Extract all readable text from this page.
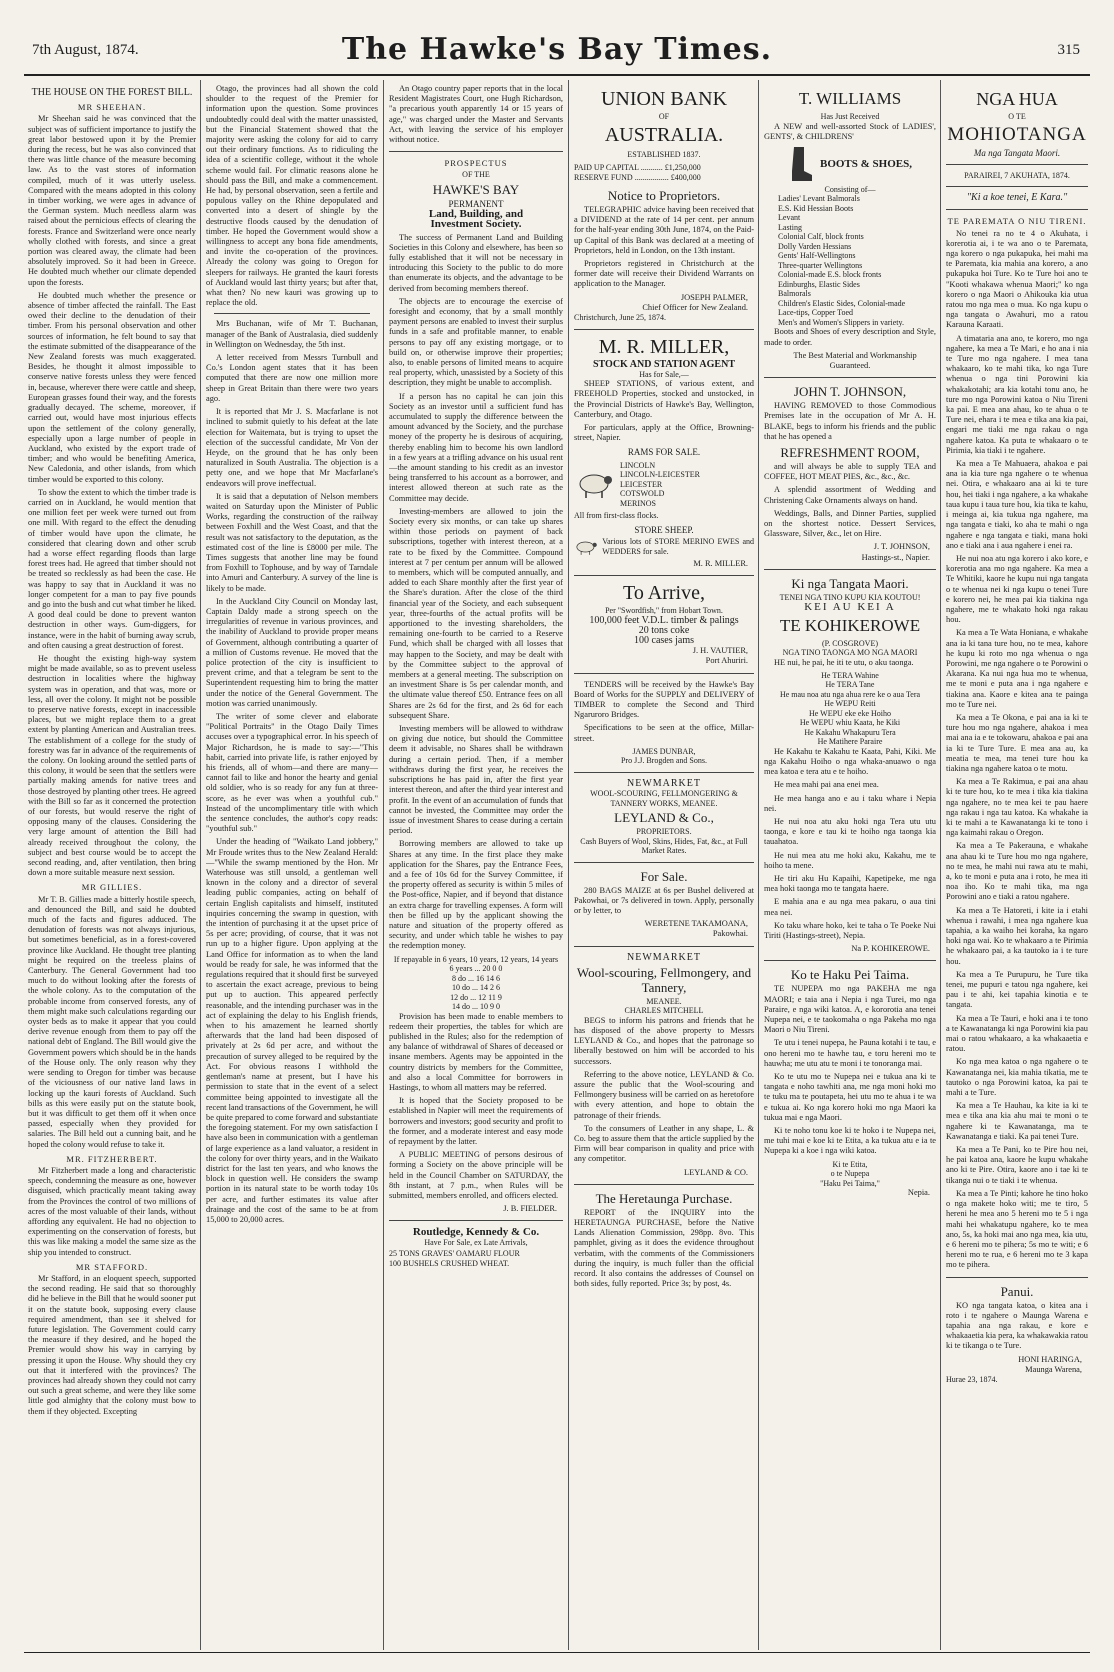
7th August, 1874.	The Hawke's Bay Times.	315
THE HOUSE ON THE FOREST BILL.
MR SHEEHAN.

Mr Sheehan said he was convinced that the subject was of sufficient importance to justify the great labor bestowed upon it by the Premier during the recess, but he was also convinced that there was little chance of the measure becoming law. As to the vast stores of information compiled, much of it was utterly useless. Compared with the means adopted in this colony in timber working, we were ages in advance of the German system. Much needless alarm was raised about the pernicious effects of clearing the forests. France and Switzerland were once nearly wholly clothed with forests, and since a great portion was cleared away, the climate had been absolutely improved. So it had been in Greece. He doubted much whether our climate depended upon the forests.

He doubted much whether the presence or absence of timber affected the rainfall. The East owed their decline to the denudation of their timber. From his personal observation and other sources of information, he felt bound to say that the estimate submitted of the disappearance of the New Zealand forests was much exaggerated. Besides, he thought it almost impossible to conserve native forests unless they were fenced in, because, wherever there were cattle and sheep, European grasses found their way, and the forests gradually decayed. The scheme, moreover, if carried out, would have most injurious effects upon the settlement of the colony generally, especially upon a large number of people in Auckland, who existed by the export trade of timber; and who would be benefiting America, New Caledonia, and other islands, from which timber would be exported to this colony.

To show the extent to which the timber trade is carried on in Auckland, he would mention that one million feet per week were turned out from one mill. With regard to the effect the denuding of timber would have upon the climate, he considered that clearing down and other scrub had a worse effect regarding floods than large forest trees had. He agreed that timber should not be treated so recklessly as had been the case. He was happy to say that in Auckland it was no longer competent for a man to pay five pounds and go into the bush and cut what timber he liked. A good deal could be done to prevent wanton destruction in other ways. Gum-diggers, for instance, were in the habit of burning away scrub, and often causing a great destruction of forest.

He thought the existing high-way system might be made available, so as to prevent useless destruction in localities where the highway system was in operation, and that was, more or less, all over the colony. It might not be possible to preserve native forests, except in inaccessible places, but we might replace them to a great extent by planting American and Australian trees. The establishment of a college for the study of forestry was far in advance of the requirements of the colony. On looking around the settled parts of this colony, it would be seen that the settlers were partially making amends for native trees and those destroyed by planting other trees. He agreed with the Bill so far as it concerned the protection of our forests, but would reserve the right of opposing many of the clauses. Considering the very large amount of attention the Bill had already received throughout the colony, the subject and best course would be to accept the second reading, and, after ventilation, then bring down a more suitable measure next session.

MR GILLIES.

Mr T. B. Gillies made a bitterly hostile speech, and denounced the Bill, and said he doubted much of the facts and figures adduced. The denudation of forests was not always injurious, but sometimes beneficial, as in a forest-covered province like Auckland. He thought tree planting might be required on the treeless plains of Canterbury. The General Government had too much to do without looking after the forests of the whole colony. As to the computation of the probable income from conserved forests, any of them might make such calculations regarding our oyster beds as to make it appear that you could derive revenue enough from them to pay off the national debt of England. The Bill would give the Government powers which should be in the hands of the House only. The only reason why they were sending to Oregon for timber was because of the viciousness of our native land laws in locking up the kauri forests of Auckland. Such bills as this were easily put on the statute book, but it was difficult to get them off it when once passed, especially when they provided for salaries. The Bill held out a cunning bait, and he hoped the colony would refuse to take it.

MR. FITZHERBERT.

Mr Fitzherbert made a long and characteristic speech, condemning the measure as one, however disguised, which practically meant taking away from the Provinces the control of two millions of acres of the most valuable of their lands, without affording any equivalent. He had no objection to experimenting on the conservation of forests, but this was like making a model the same size as the ship you intended to construct.

MR STAFFORD.

Mr Stafford, in an eloquent speech, supported the second reading. He said that so thoroughly did he believe in the Bill that he would sooner put it on the statute book, supposing every clause required amendment, than see it shelved for future legislation. The Government could carry the measure if they desired, and he hoped the Premier would show his way in carrying by pressing it upon the House. Why should they cry out that it interfered with the provinces? The provinces had already shown they could not carry out such a great scheme, and were they like some little god almighty that the colony must bow to them if they objected. Excepting

Otago, the provinces had all shown the cold shoulder to the request of the Premier for information upon the question. Some provinces undoubtedly could deal with the matter unassisted, but the Financial Statement showed that the majority were asking the colony for aid to carry out their ordinary functions. As to ridiculing the idea of a scientific college, without it the whole scheme would fail. For climatic reasons alone he should pass the Bill, and make a commencement. He had, by personal observation, seen a fertile and populous valley on the Rhine depopulated and converted into a desert of shingle by the destructive floods caused by the denudation of timber. He hoped the Government would show a willingness to accept any bona fide amendments, and invite the co-operation of the provinces. Already the colony was going to Oregon for sleepers for railways. He granted the kauri forests of Auckland would last thirty years; but after that, what then? No new kauri was growing up to replace the old.

Mrs Buchanan, wife of Mr T. Buchanan, manager of the Bank of Australasia, died suddenly in Wellington on Wednesday, the 5th inst.

A letter received from Messrs Turnbull and Co.'s London agent states that it has been computed that there are now one million more sheep in Great Britain than there were two years ago.

It is reported that Mr J. S. Macfarlane is not inclined to submit quietly to his defeat at the late election for Waitemata, but is trying to upset the election of the successful candidate, Mr Von der Heyde, on the ground that he has only been naturalized in South Australia. The objection is a petty one, and we hope that Mr Macfarlane's endeavors will prove ineffectual.

It is said that a deputation of Nelson members waited on Saturday upon the Minister of Public Works, regarding the construction of the railway between Foxhill and the West Coast, and that the result was not satisfactory to the deputation, as the estimated cost of the line is £8000 per mile. The Times suggests that another line may be found from Foxhill to Tophouse, and by way of Tarndale into Amuri and Canterbury. A survey of the line is likely to be made.

In the Auckland City Council on Monday last, Captain Daldy made a strong speech on the irregularities of revenue in various provinces, and the inability of Auckland to provide proper means of Government, although contributing a quarter of a million of Customs revenue. He moved that the police protection of the city is insufficient to prevent crime, and that a telegram be sent to the Superintendent requesting him to bring the matter under the notice of the General Government. The motion was carried unanimously.

The writer of some clever and elaborate "Political Portraits" in the Otago Daily Times accuses over a typographical error. In his speech of Major Richardson, he is made to say:—"This habit, carried into private life, is rather enjoyed by his friends, all of whom—and there are many—cannot fail to like and honor the hearty and genial old soldier, who is so ready for any fun at three-score, as he ever was when a youthful cub." Instead of the uncomplimentary title with which the sentence concludes, the author's copy reads: "youthful sub."

Under the heading of "Waikato Land jobbery," Mr Froude writes thus to the New Zealand Herald:—"While the swamp mentioned by the Hon. Mr Waterhouse was still unsold, a gentleman well known in the colony and a director of several leading public companies, acting on behalf of certain English capitalists and himself, instituted inquiries concerning the swamp in question, with the intention of purchasing it at the upset price of 5s per acre; providing, of course, that it was not run up to a higher figure. Upon applying at the Land Office for information as to when the land would be ready for sale, he was informed that the regulations required that it should first be surveyed to ascertain the exact acreage, previous to being put up to auction. This appeared perfectly reasonable, and the intending purchaser was in the act of explaining the delay to his English friends, when to his amazement he learned shortly afterwards that the land had been disposed of privately at 2s 6d per acre, and without the precaution of survey alleged to be required by the Act. For obvious reasons I withhold the gentleman's name at present, but I have his permission to state that in the event of a select committee being appointed to investigate all the recent land transactions of the Government, he will be quite prepared to come forward and substantiate the foregoing statement. For my own satisfaction I have also been in communication with a gentleman of large experience as a land valuator, a resident in the colony for over thirty years, and in the Waikato district for the last ten years, and who knows the block in question well. He considers the swamp portion in its natural state to be worth today 10s per acre, and further estimates its value after drainage and the cost of the same to be at from 15,000 to 20,000 acres.

An Otago country paper reports that in the local Resident Magistrates Court, one Hugh Richardson, "a precarious youth apparently 14 or 15 years of age," was charged under the Master and Servants Act, with leaving the service of his employer without notice.

PROSPECTUS
OF THE
HAWKE'S BAY
PERMANENT
Land, Building, and
Investment Society.

The success of Permanent Land and Building Societies in this Colony and elsewhere, has been so fully established that it will not be necessary in introducing this Society to the public to do more than enumerate its objects, and the advantage to be derived from becoming members thereof.

The objects are to encourage the exercise of foresight and economy, that by a small monthly payment persons are enabled to invest their surplus funds in a safe and profitable manner, to enable persons to pay off any existing mortgage, or to build on, or otherwise improve their properties; also, to enable persons of limited means to acquire real property, which, unassisted by a Society of this description, they might be unable to accomplish.

If a person has no capital he can join this Society as an investor until a sufficient fund has accumulated to supply the difference between the amount advanced by the Society, and the purchase money of the property he is desirous of acquiring, thereby enabling him to become his own landlord in a few years at a trifling advance on his usual rent—the amount standing to his credit as an investor being transferred to his account as a borrower, and interest allowed thereon at such rate as the Committee may decide.

Investing-members are allowed to join the Society every six months, or can take up shares within those periods on payment of back subscriptions, together with interest thereon, at a rate to be fixed by the Committee. Compound interest at 7 per centum per annum will be allowed to members, which will be computed annually, and added to each Share monthly after the first year of the Share's duration. After the close of the third financial year of the Society, and each subsequent year, three-fourths of the actual profits will be apportioned to the investing shareholders, the remaining one-fourth to be carried to a Reserve Fund, which shall be charged with all losses that may happen to the Society, and may be dealt with by the Committee subject to the approval of members at a general meeting. The subscription on an investment Share is 5s per calendar month, and the ultimate value thereof £50. Entrance fees on all Shares are 2s 6d for the first, and 2s 6d for each subsequent Share.

Investing members will be allowed to withdraw on giving due notice, but should the Committee deem it advisable, no Shares shall be withdrawn during a certain period. Then, if a member withdraws during the first year, he receives the subscriptions he has paid in, after the first year interest thereon, and after the third year interest and profit. In the event of an accumulation of funds that cannot be invested, the Committee may order the issue of investment Shares to cease during a certain period.

Borrowing members are allowed to take up Shares at any time. In the first place they make application for the Shares, pay the Entrance Fees, and a fee of 10s 6d for the Survey Committee, if the property offered as security is within 5 miles of the Post-office, Napier, and if beyond that distance an extra charge for travelling expenses. A form will then be filled up by the applicant showing the nature and situation of the property offered as security, and under which table he wishes to pay the redemption money.

If repayable in 6 years, 10 years, 12 years, 14 years
6 years ... 20 0 0
8 do ... 16 14 6
10 do ... 14 2 6
12 do ... 12 11 9
14 do ... 10 9 0

Provision has been made to enable members to redeem their properties, the tables for which are published in the Rules; also for the redemption of any balance of withdrawal of Shares of deceased or insane members. Agents may be appointed in the country districts by members for the Committee, and also a local Committee for borrowers in Hastings, to whom all matters may be referred.

It is hoped that the Society proposed to be established in Napier will meet the requirements of borrowers and investors; good security and profit to the former, and a moderate interest and easy mode of repayment by the latter.

A PUBLIC MEETING of persons desirous of forming a Society on the above principle will be held in the Council Chamber on SATURDAY, the 8th instant, at 7 p.m., when Rules will be submitted, members enrolled, and officers elected.

J. B. FIELDER.
Routledge, Kennedy & Co.
Have For Sale, ex Late Arrivals,
25 TONS GRAVES' OAMARU FLOUR
100 BUSHELS CRUSHED WHEAT.
UNION BANK
OF
AUSTRALIA.
ESTABLISHED 1837.
PAID UP CAPITAL ........... £1,250,000
RESERVE FUND ................. £400,000
Notice to Proprietors.

TELEGRAPHIC advice having been received that a DIVIDEND at the rate of 14 per cent. per annum for the half-year ending 30th June, 1874, on the Paid-up Capital of this Bank was declared at a meeting of Proprietors, held in London, on the 13th instant.

Proprietors registered in Christchurch at the former date will receive their Dividend Warrants on application to the Manager.

JOSEPH PALMER,
Chief Officer for New Zealand.
Christchurch, June 25, 1874.
M. R. MILLER,
STOCK AND STATION AGENT
Has for Sale,—

SHEEP STATIONS, of various extent, and FREEHOLD Properties, stocked and unstocked, in the Provincial Districts of Hawke's Bay, Wellington, Canterbury, and Otago.

For particulars, apply at the Office, Browning-street, Napier.

RAMS FOR SALE.
LINCOLN
LINCOLN-LEICESTER
LEICESTER
COTSWOLD
MERINOS
All from first-class flocks.
STORE SHEEP.
Various lots of STORE MERINO EWES and WEDDERS for sale.
M. R. MILLER.
To Arrive,
Per "Swordfish," from Hobart Town.
100,000 feet V.D.L. timber & palings
20 tons coke
100 cases jams
J. H. VAUTIER,
Port Ahuriri.

TENDERS will be received by the Hawke's Bay Board of Works for the SUPPLY and DELIVERY of TIMBER to complete the Second and Third Ngaruroro Bridges.

Specifications to be seen at the office, Millar-street.

JAMES DUNBAR,
Pro J.J. Brogden and Sons.
NEWMARKET
WOOL-SCOURING, FELLMONGERING & TANNERY WORKS, MEANEE.
LEYLAND & Co.,
PROPRIETORS.
Cash Buyers of Wool, Skins, Hides, Fat, &c., at Full Market Rates.
For Sale.

280 BAGS MAIZE at 6s per Bushel delivered at Pakowhai, or 7s delivered in town. Apply, personally or by letter, to

WERETENE TAKAMOANA,
Pakowhai.
NEWMARKET
Wool-scouring, Fellmongery, and Tannery,
MEANEE.
CHARLES MITCHELL

BEGS to inform his patrons and friends that he has disposed of the above property to Messrs LEYLAND & Co., and hopes that the patronage so liberally bestowed on him will be accorded to his successors.

Referring to the above notice, LEYLAND & Co. assure the public that the Wool-scouring and Fellmongery business will be carried on as heretofore with every attention, and hope to obtain the patronage of their friends.

To the consumers of Leather in any shape, L. & Co. beg to assure them that the article supplied by the Firm will bear comparison in quality and price with any competitor.

LEYLAND & CO.
The Heretaunga Purchase.

REPORT of the INQUIRY into the HERETAUNGA PURCHASE, before the Native Lands Alienation Commission, 298pp. 8vo. This pamphlet, giving as it does the evidence throughout verbatim, with the comments of the Commissioners during the inquiry, is much fuller than the official record. It also contains the addresses of Counsel on both sides, fully reported. Price 3s; by post, 4s.

T. WILLIAMS
Has Just Received

A NEW and well-assorted Stock of LADIES', GENTS', & CHILDRENS'

BOOTS & SHOES,
Consisting of—
Ladies' Levant Balmorals
E.S. Kid Hessian Boots
Levant
Lasting
Colonial Calf, block fronts
Dolly Varden Hessians
Gents' Half-Wellingtons
Three-quarter Wellingtons
Colonial-made E.S. block fronts
Edinburghs, Elastic Sides
Balmorals
Children's Elastic Sides, Colonial-made
Lace-tips, Copper Toed
Men's and Women's Slippers in variety.

Boots and Shoes of every description and Style, made to order.

The Best Material and Workmanship Guaranteed.

JOHN T. JOHNSON,

HAVING REMOVED to those Commodious Premises late in the occupation of Mr A. H. BLAKE, begs to inform his friends and the public that he has opened a

REFRESHMENT ROOM,

and will always be able to supply TEA and COFFEE, HOT MEAT PIES, &c., &c., &c.

A splendid assortment of Wedding and Christening Cake Ornaments always on hand.

Weddings, Balls, and Dinner Parties, supplied on the shortest notice. Dessert Services, Glassware, Silver, &c., let on Hire.

J. T. JOHNSON,
Hastings-st., Napier.
Ki nga Tangata Maori.
TENEI NGA TINO KUPU KIA KOUTOU!
KEI AU KEI A
TE KOHIKEROWE
(P. COSGROVE)
NGA TINO TAONGA MO NGA MAORI

HE nui, he pai, he iti te utu, o aku taonga.

He TERA Wahine
He TERA Tane
He mau noa atu nga ahua rere ke o aua Tera
He WEPU Reiti
He WEPU eke eke Hoiho
He WEPU whiu Kaata, he Kiki
He Kakahu Whakapuru Tera
He Matihere Paraire

He Kakahu te Kakahu te Kaata, Pahi, Kiki. Me nga Kakahu Hoiho o nga whaka-anuawo o nga mea katoa e tera atu e te hoiho.

He mea mahi pai ana enei mea.

He mea hanga ano e au i taku whare i Nepia nei.

He nui noa atu aku hoki nga Tera utu utu taonga, e kore e tau ki te hoiho nga taonga kia tauahatoa.

He nui mea atu me hoki aku, Kakahu, me te hoiho ta mene.

He tiri aku Hu Kapaihi, Kapetipeke, me nga mea hoki taonga mo te tangata haere.

E mahia ana e au nga mea pakaru, o aua tini mea nei.

Ko taku whare hoko, kei te taha o Te Poeke Nui Tiriti (Hastings-street), Nepia.

Na P. KOHIKEROWE.
Ko te Haku Pei Taima.

TE NUPEPA mo nga PAKEHA me nga MAORI; e taia ana i Nepia i nga Turei, mo nga Paraire, e nga wiki katoa. A, e kororotia ana tenei Nupepa nei, e te taokomaha o nga Pakeha mo nga Maori o Niu Tireni.

Te utu i tenei nupepa, he Pauna kotahi i te tau, e ono hereni mo te hawhe tau, e toru hereni mo te hauwha; me utu atu te moni i te tonoranga mai.

Ko te utu mo te Nupepa nei e tukua ana ki te tangata e noho tawhiti ana, me nga moni hoki mo te tuku ma te poutapeta, hei utu mo te ahua i te wa e tukua ai. Ko nga korero hoki mo nga Maori ka tukua mai e nga Maori.

Ki te noho tonu koe ki te hoko i te Nupepa nei, me tuhi mai e koe ki te Etita, a ka tukua atu e ia te Nupepa ki a koe i nga wiki katoa.

Ki te Etita,
o te Nupepa
"Haku Pei Taima,"
Nepia.
NGA HUA
O TE
MOHIOTANGA
Ma nga Tangata Maori.
PARAIREI, 7 AKUHATA, 1874.
"Ki a koe tenei, E Kara."
TE PAREMATA O NIU TIRENI.

No tenei ra no te 4 o Akuhata, i korerotia ai, i te wa ano o te Paremata, nga korero o nga pukapuka, hei mahi ma te Paremata, kia mahia ana korero, a ano pukapuka hoi Ture. Ko te Ture hoi ano te "Kooti whakawa whenua Maori;" ko nga korero o nga Maori o Ahikouka kia utua ratou mo nga mea o mua. Ko nga kupu o nga tangata o Awahuri, mo a ratou Karauna Karaati.

A timataria ana ano, te korero, mo nga ngahere, ka mea a Te Mari, e ho ana i nia te Ture mo nga ngahere. I mea tana whakaaro, ko te mahi tika, ko nga Ture whenua o nga tini Porowini kia whakakotahi; ara kia kotahi tonu ano, he ture mo nga Porowini katoa o Niu Tireni ka pai. E mea ana ahau, ko te ahua o te Ture nei, ehara i te mea e tika ana kia pai, engari me tiaki me nga rakau o nga ngahere katoa. Ka puta te whakaaro o te Pirimia, kia tiaki i te ngahere.

Ka mea a Te Mahuaera, ahakoa e pai ana ia kia ture nga ngahere o te whenua nei. Otira, e whakaaro ana ai ki te ture hou, hei tiaki i nga ngahere, a ka whakahe taua kupu i taua ture hou, kia tika te kahu, i meinga ai, kia tukua nga ngahere, ma nga tangata e tiaki, ko aha te mahi o nga ngahere e nga tangata e tiaki, mana hoki ano e tiaki ana i aua ngahere i enei ra.

He nui noa atu nga korero i ako kore, e korerotia ana mo nga ngahere. Ka mea a Te Whitiki, kaore he kupu nui nga tangata o te whenua nei ki nga kupu o tenei Ture e korero nei, he mea pai kia tiakina nga ngahere, me te whakato hoki nga rakau hou.

Ka mea a Te Wata Honiana, e whakahe ana ia ki tana ture hou, no te mea, kahore he kupu ki roto mo nga whenua o nga Porowini, me nga ngahere o te Porowini o Akarana. Ka nui nga hua mo te whenua, me te moni e puta ana i nga ngahere e tiakina ana. Kaore e kitea ana te painga mo te Ture nei.

Ka mea a Te Okona, e pai ana ia ki te ture hou mo nga ngahere, ahakoa i mea mai ana ia e te tokowaru, ahakoa e pai ana ia ki te Ture Ture. E mea ana au, ka meatia te mea, ma tenei ture hou ka tiakina nga ngahere katoa o te motu.

Ka mea a Te Rakimua, e pai ana ahau ki te ture hou, ko te mea i tika kia tiakina nga ngahere, no te mea kei te pau haere nga rakau i nga tau katoa. Ka whakahe ia ki te mahi a te Kawanatanga ki te tono i nga kaimahi rakau o Oregon.

Ka mea a Te Pakerauna, e whakahe ana ahau ki te Ture hou mo nga ngahere, no te mea, he mahi nui rawa atu te mahi, a, ko te moni e puta ana i roto, he mea iti noa iho. Ko te mahi tika, ma nga Porowini ano e tiaki a ratou ngahere.

Ka mea a Te Hatoreti, i kite ia i etahi whenua i rawahi, i mea nga ngahere kua tapahia, a ka waiho hei koraha, ka ngaro hoki nga wai. Ko te whakaaro a te Pirimia he whakaaro pai, a ka tautoko ia i te ture hou.

Ka mea a Te Purupuru, he Ture tika tenei, me pupuri e tatou nga ngahere, kei pau i te ahi, kei tapahia kinotia e te tangata.

Ka mea a Te Tauri, e hoki ana i te tono a te Kawanatanga ki nga Porowini kia pau mai o ratou whakaaro, a ka whakaaetia e ratou.

Ko nga mea katoa o nga ngahere o te Kawanatanga nei, kia mahia tikatia, me te tautoko o nga Porowini katoa, ka pai te mahi a te Ture.

Ka mea a Te Hauhau, ka kite ia ki te mea e tika ana kia ahu mai te moni o te ngahere ki te Kawanatanga, ma te Kawanatanga e tiaki. Ka pai tenei Ture.

Ka mea a Te Pani, ko te Pire hou nei, he pai katoa ana, kaore he kupu whakahe ano ki te Pire. Otira, kaore ano i tae ki te tikanga nui o te tiaki i te whenua.

Ka mea a Te Pinti; kahore he tino hoko o nga makete hoko witi; me te tiro, 5 hereni he mea ano 5 hereni mo te 5 i nga mahi hei whakatupu ngahere, ko te mea ano, 5s, ka hoki mai ano nga mea, kia utu, e 6 hereni mo te pihera; 5s mo te witi; e 6 hereni mo te rua, e 6 hereni mo te 3 kapa mo te pihera.

Panui.

KO nga tangata katoa, o kitea ana i roto i te ngahere o Maunga Warena e tapahia ana nga rakau, e kore e whakaaetia kia pera, ka whakawakia ratou ki te tikanga o te Ture.

HONI HARINGA,
Maunga Warena,
Hurae 23, 1874.
